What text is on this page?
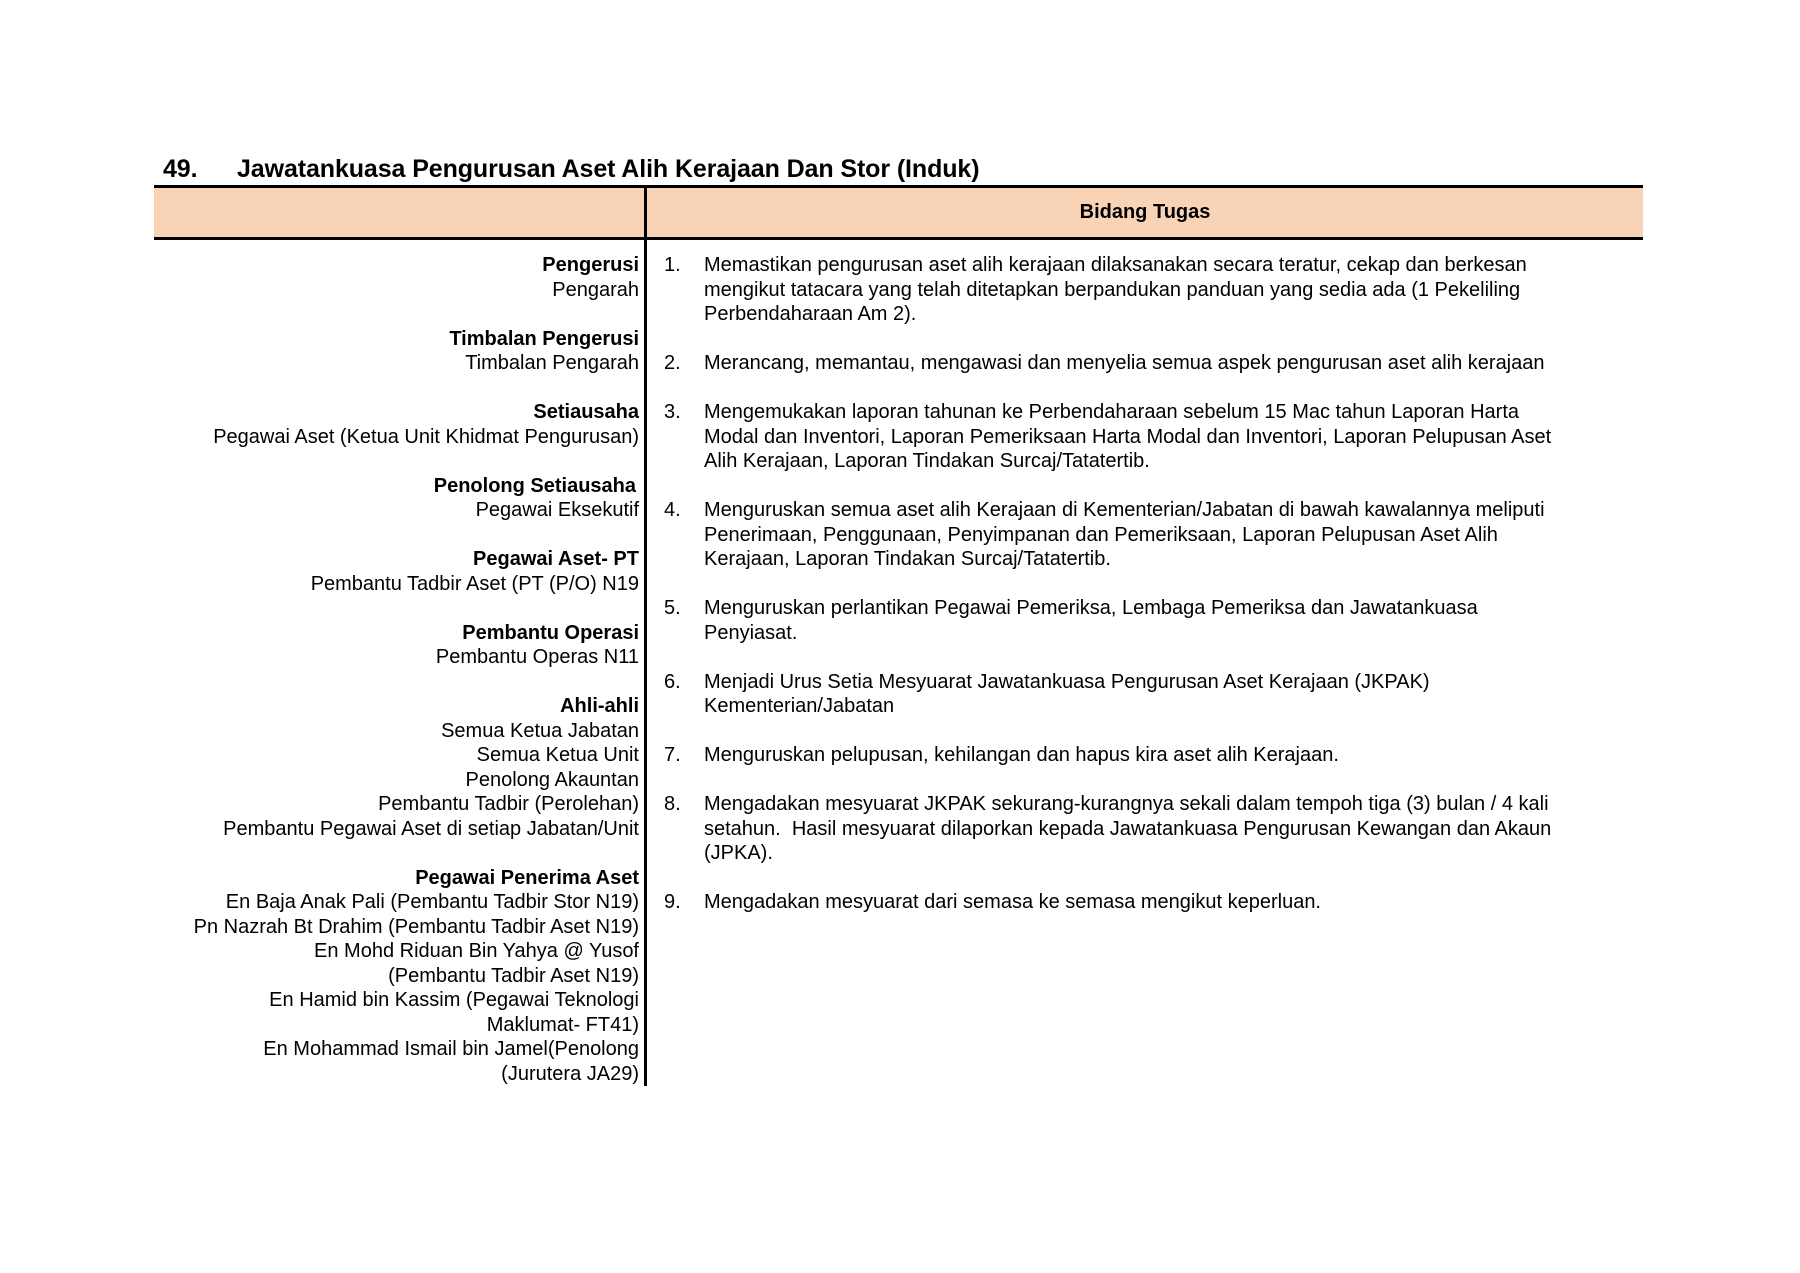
49. Jawatankuasa Pengurusan Aset Alih Kerajaan Dan Stor (Induk)
Bidang Tugas
Pengerusi
Pengarah
Timbalan Pengerusi
Timbalan Pengarah
Setiausaha
Pegawai Aset (Ketua Unit Khidmat Pengurusan)
Penolong Setiausaha
Pegawai Eksekutif
Pegawai Aset- PT
Pembantu Tadbir Aset (PT (P/O) N19
Pembantu Operasi
Pembantu Operas N11
Ahli-ahli
Semua Ketua Jabatan
Semua Ketua Unit
Penolong Akauntan
Pembantu Tadbir (Perolehan)
Pembantu Pegawai Aset di setiap Jabatan/Unit
Pegawai Penerima Aset
En Baja Anak Pali (Pembantu Tadbir Stor N19)
Pn Nazrah Bt Drahim (Pembantu Tadbir Aset N19)
En Mohd Riduan Bin Yahya @ Yusof
(Pembantu Tadbir Aset N19)
En Hamid bin Kassim (Pegawai Teknologi
Maklumat- FT41)
En Mohammad Ismail bin Jamel(Penolong
(Jurutera JA29)
1. Memastikan pengurusan aset alih kerajaan dilaksanakan secara teratur, cekap dan berkesan
mengikut tatacara yang telah ditetapkan berpandukan panduan yang sedia ada (1 Pekeliling
Perbendaharaan Am 2).
2. Merancang, memantau, mengawasi dan menyelia semua aspek pengurusan aset alih kerajaan
3. Mengemukakan laporan tahunan ke Perbendaharaan sebelum 15 Mac tahun Laporan Harta
Modal dan Inventori, Laporan Pemeriksaan Harta Modal dan Inventori, Laporan Pelupusan Aset
Alih Kerajaan, Laporan Tindakan Surcaj/Tatatertib.
4. Menguruskan semua aset alih Kerajaan di Kementerian/Jabatan di bawah kawalannya meliputi
Penerimaan, Penggunaan, Penyimpanan dan Pemeriksaan, Laporan Pelupusan Aset Alih
Kerajaan, Laporan Tindakan Surcaj/Tatatertib.
5. Menguruskan perlantikan Pegawai Pemeriksa, Lembaga Pemeriksa dan Jawatankuasa
Penyiasat.
6. Menjadi Urus Setia Mesyuarat Jawatankuasa Pengurusan Aset Kerajaan (JKPAK)
Kementerian/Jabatan
7. Menguruskan pelupusan, kehilangan dan hapus kira aset alih Kerajaan.
8. Mengadakan mesyuarat JKPAK sekurang-kurangnya sekali dalam tempoh tiga (3) bulan / 4 kali
setahun.  Hasil mesyuarat dilaporkan kepada Jawatankuasa Pengurusan Kewangan dan Akaun
(JPKA).
9. Mengadakan mesyuarat dari semasa ke semasa mengikut keperluan.
